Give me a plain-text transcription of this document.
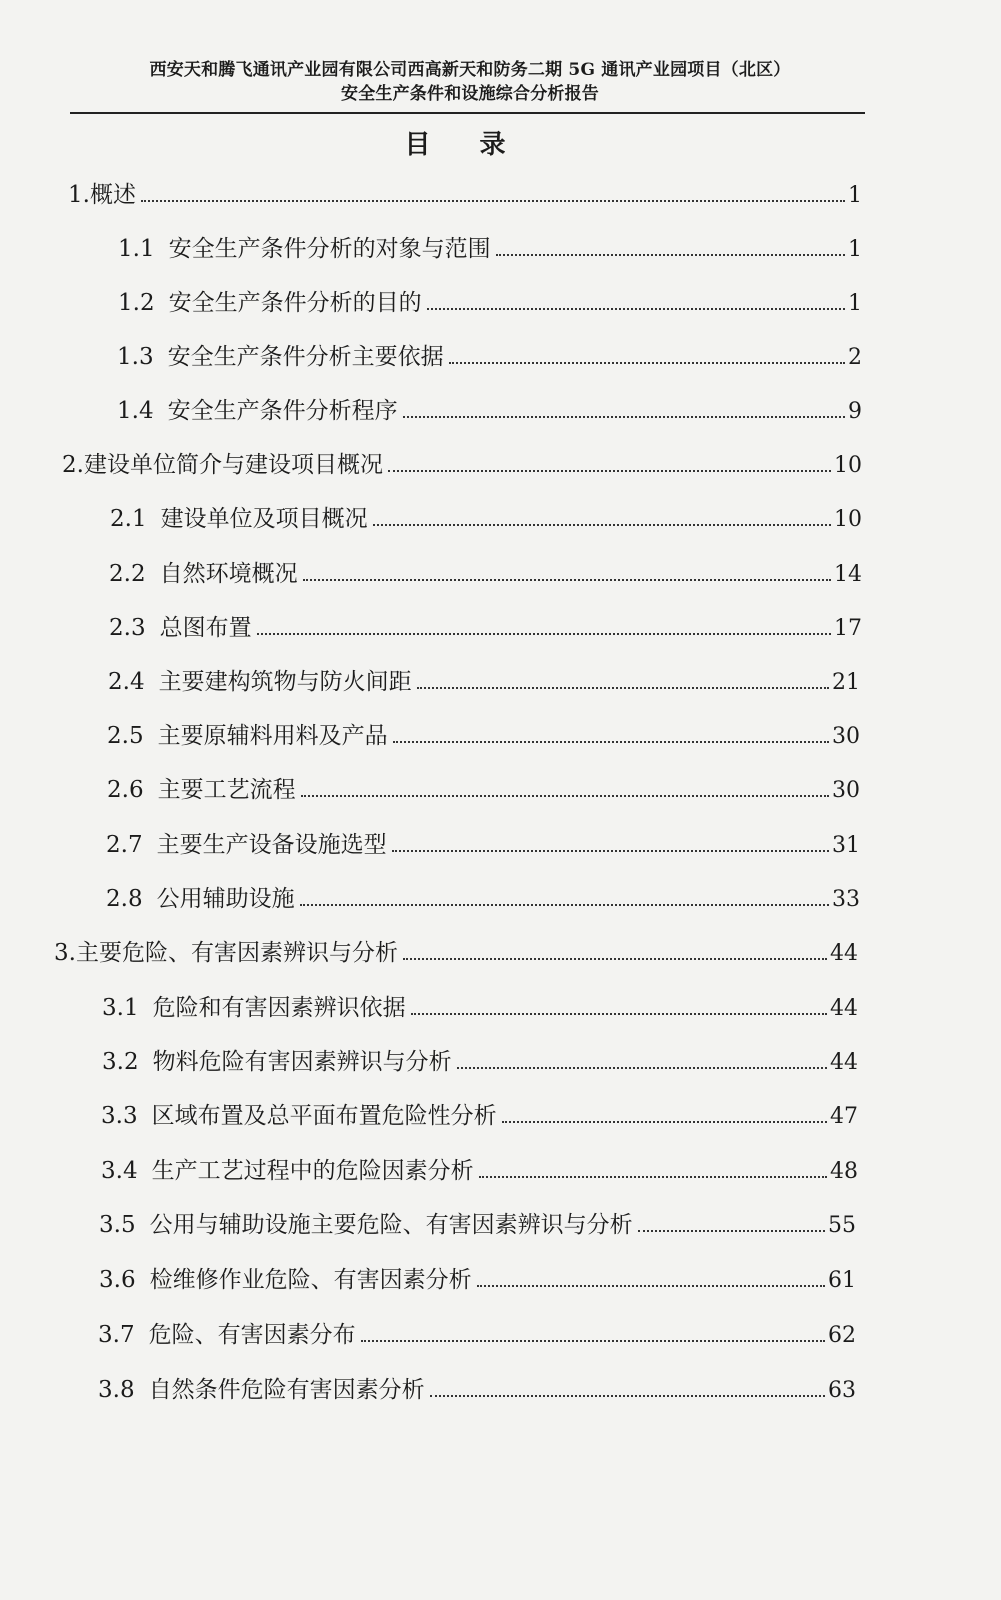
西安天和腾飞通讯产业园有限公司西高新天和防务二期 5G 通讯产业园项目（北区）
安全生产条件和设施综合分析报告
目 录
1.概述	1
1.1 安全生产条件分析的对象与范围	1
1.2 安全生产条件分析的目的	1
1.3 安全生产条件分析主要依据	2
1.4 安全生产条件分析程序	9
2.建设单位简介与建设项目概况	10
2.1 建设单位及项目概况	10
2.2 自然环境概况	14
2.3 总图布置	17
2.4 主要建构筑物与防火间距	21
2.5 主要原辅料用料及产品	30
2.6 主要工艺流程	30
2.7 主要生产设备设施选型	31
2.8 公用辅助设施	33
3.主要危险、有害因素辨识与分析	44
3.1 危险和有害因素辨识依据	44
3.2 物料危险有害因素辨识与分析	44
3.3 区域布置及总平面布置危险性分析	47
3.4 生产工艺过程中的危险因素分析	48
3.5 公用与辅助设施主要危险、有害因素辨识与分析	55
3.6 检维修作业危险、有害因素分析	61
3.7 危险、有害因素分布	62
3.8 自然条件危险有害因素分析	63
